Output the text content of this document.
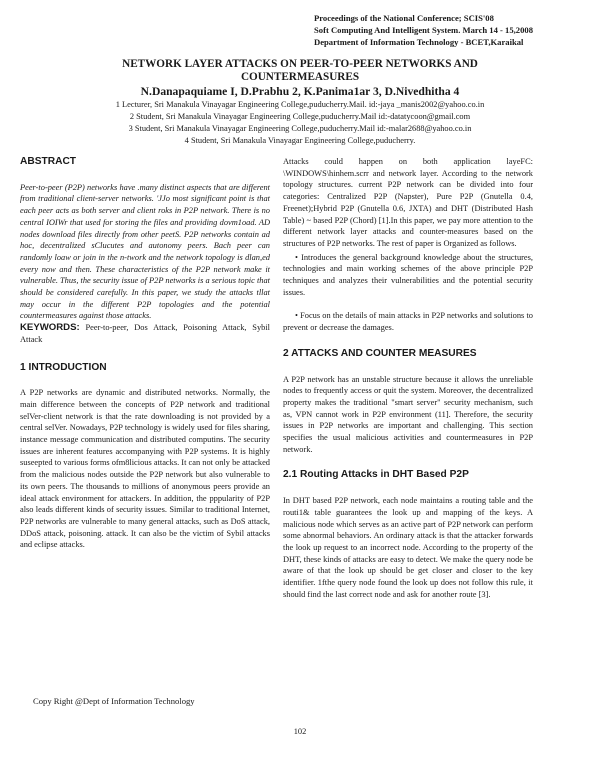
Proceedings of the National Conference; SCIS'08
Soft Computing And Intelligent System. March 14 - 15,2008
Department of Information Technology - BCET,Karaikal
NETWORK LAYER ATTACKS ON PEER-TO-PEER NETWORKS AND
COUNTERMEASURES
N.Danapaquiame I, D.Prabhu 2, K.Panima1ar 3, D.Nivedhitha 4
1 Lecturer, Sri Manakula Vinayagar Engineering College,puducherry.Mail. id:-jaya _manis2002@yahoo.co.in
2 Student, Sri Manakula Vinayagar Engineering College,puducherry.Mail id:-datatycoon@gmail.com
3 Student, Sri Manakula Vinayagar Engineering College,puducherry.Mail id:-malar2688@yahoo.co.in
4 Student, Sri Manakula Vinayagar Engineering College,puducherry.
ABSTRACT

Peer-to-peer (P2P) networks have .many distinct aspects that are different from traditional client-server networks. 'JJo most significant point is that each peer acts as both server and client roks in P2P network. There is no central IOIWr that used for storing the files and providing dovm1oad. AD nodes download files directly from other peetS. P2P networks contain ad hoc, decentralized sClucutes and autonomy peers. Bach peer can randomly loaw or join in the n-twork and the network topology is dlan,ed every now and then. These characteristics of the P2P network make it vulnerable. Thus, the security issue of P2P networks is a serious topic that should be considered carefully. In this paper, we study the attacks tllat may occur in the different P2P topologies and the potential countermeasures against those attacks.

KEYWORDS: Peer-to-peer, Dos Attack, Poisoning Attack, Sybil Attack

1 INTRODUCTION

A P2P networks are dynamic and distributed networks. Normally, the main difference between the concepts of P2P network and traditional selVer-client network is that the rate downloading is not provided by a central selVer. Nowadays, P2P technology is widely used for files sharing, instance message communication and distributed computins. The security issues are inherent features accompanying with P2P systems. It is highly suseepted to various forms ofm8licious attacks. It can not only be attacked from the malicious nodes outside the P2P network but also vulnerable to its own peers. The thousands to millions of anonymous peers provide an ideal attack environment for attackers. In addition, the pppularity of P2P also leads different kinds of security issues. Similar to traditional Internet, P2P networks are vulnerable to many general attacks, such as DoS attack, DDoS attack, poisoning. attack. It can also be the victim of Sybil attacks and eclipse attacks.

Attacks could happen on both application layeFC: \WINDOWS\hinhem.scrr and network layer. According to the network topology structures. current P2P network can be divided into four categories: Centralized P2P (Napster), Pure P2P (Gnutella 0.4, Freenet);Hybrid P2P (Gnutella 0.6, JXTA) and DHT (Distributed Hash Table) ~ based P2P (Chord) [1].In this paper, we pay more attention to the different network layer attacks and counter-measures based on the structures of P2P networks. The rest of paper is Organized as follows.

• Introduces the general background knowledge about the structures, technologies and main working schemes of the above principle P2P techniques and analyzes their vulnerabilities and the potential security issues.

• Focus on the details of main attacks in P2P networks and solutions to prevent or decrease the damages.

2 ATTACKS AND COUNTER MEASURES

A P2P network has an unstable structure because it allows the unreliable nodes to frequently access or quit the system. Moreover, the decentralized property makes the traditional "smart server" security mechanism, such as, VPN cannot work in P2P environment (11]. Therefore, the security issues in P2P networks are important and challenging. This section specifies the usual malicious activities and countermeasures in P2P network.

2.1 Routing Attacks in DHT Based P2P

In DHT based P2P network, each node maintains a routing table and the routi1& table guarantees the look up and mapping of the keys. A malicious node which serves as an active part of P2P network can perform some abnormal behaviors. An ordinary attack is that the attacker forwards the look up request to an incorrect node. According to the property of the DHT, these kinds of attacks are easy to detect. We make the query node be aware of that the look up should be get closer and closer to the key identifier. 1fthe query node found the look up does not follow this rule, it should find the last correct node and ask for another route [3].

Copy Right @Dept of Information Technology
102
